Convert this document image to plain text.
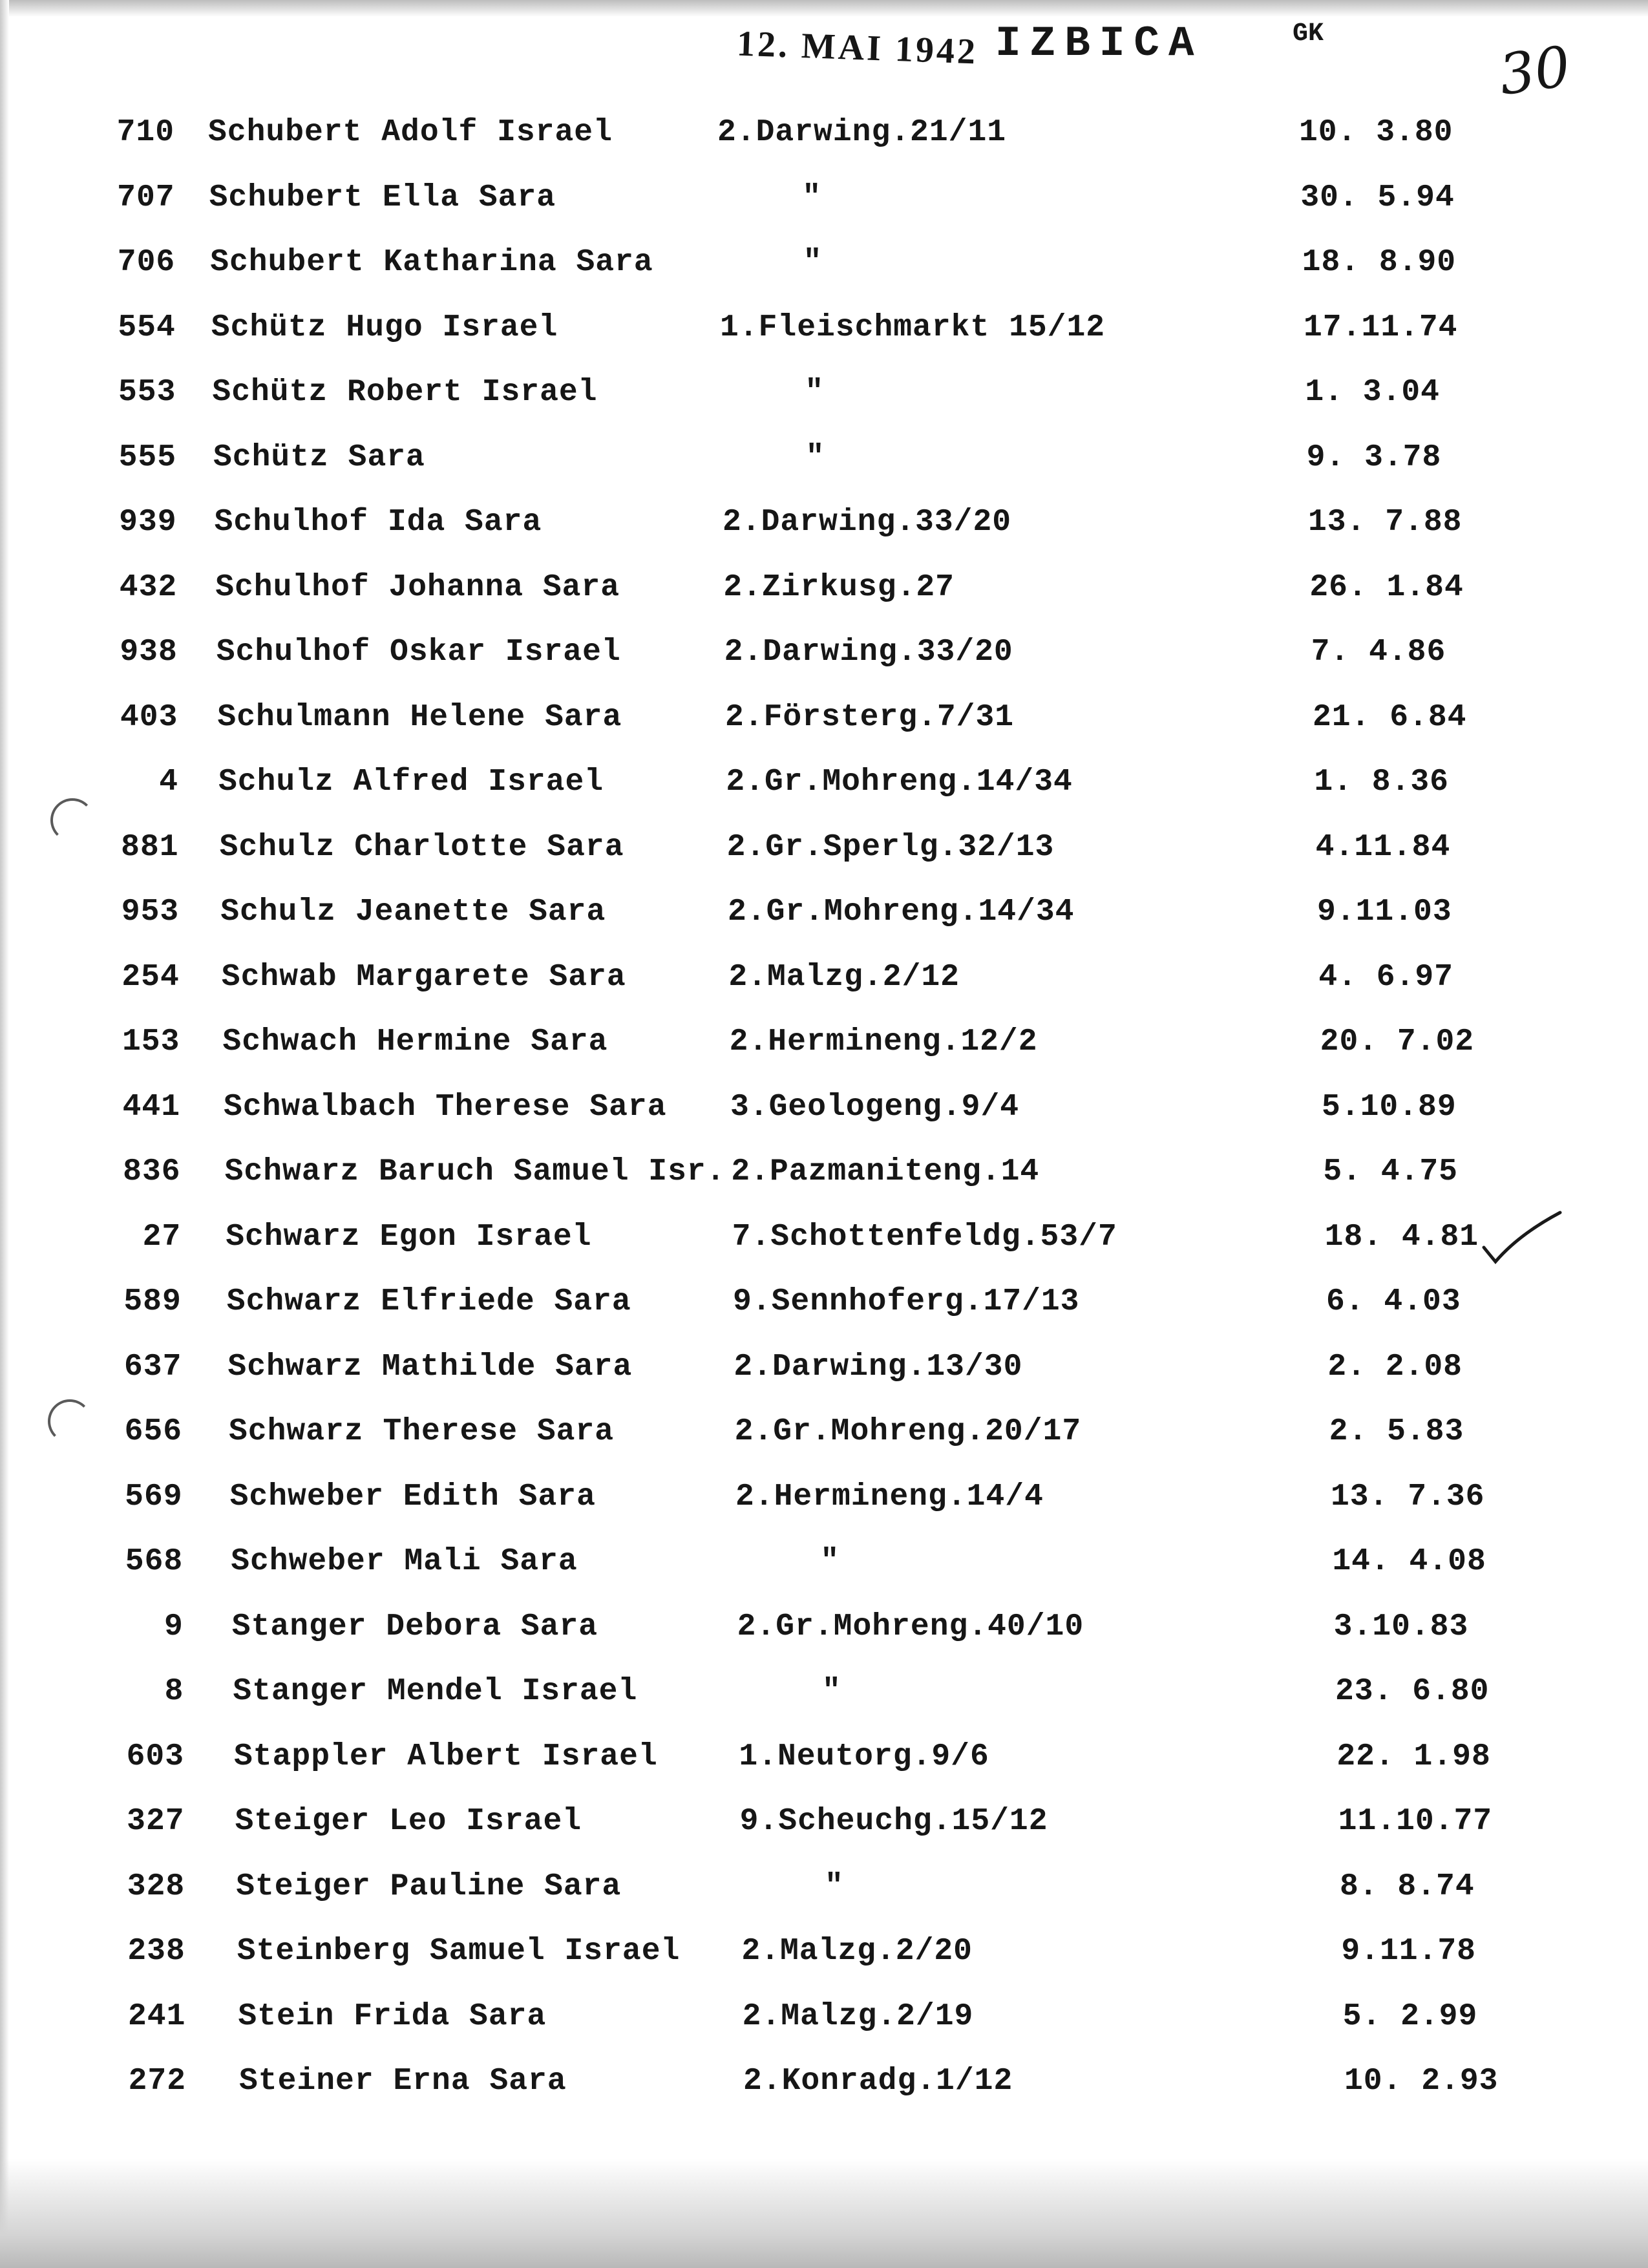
12. MAI 1942 IZBICA	GK
30
710 Schubert Adolf Israel	2.Darwing.21/11	10. 3.80
707 Schubert Ella Sara	"	30. 5.94
706 Schubert Katharina Sara	"	18. 8.90
554 Schütz Hugo Israel	1.Fleischmarkt 15/12	17.11.74
553 Schütz Robert Israel	"	1. 3.04
555 Schütz Sara	"	9. 3.78
939 Schulhof Ida Sara	2.Darwing.33/20	13. 7.88
432 Schulhof Johanna Sara	2.Zirkusg.27	26. 1.84
938 Schulhof Oskar Israel	2.Darwing.33/20	7. 4.86
403 Schulmann Helene Sara	2.Försterg.7/31	21. 6.84
4 Schulz Alfred Israel	2.Gr.Mohreng.14/34	1. 8.36
881 Schulz Charlotte Sara	2.Gr.Sperlg.32/13	4.11.84
953 Schulz Jeanette Sara	2.Gr.Mohreng.14/34	9.11.03
254 Schwab Margarete Sara	2.Malzg.2/12	4. 6.97
153 Schwach Hermine Sara	2.Hermineng.12/2	20. 7.02
441 Schwalbach Therese Sara 3.Geologeng.9/4	5.10.89
836 Schwarz Baruch Samuel Isr. 2.Pazmaniteng.14	5. 4.75
27 Schwarz Egon Israel	7.Schottenfeldg.53/7	18. 4.81
589 Schwarz Elfriede Sara	9.Sennhoferg.17/13	6. 4.03
637 Schwarz Mathilde Sara	2.Darwing.13/30	2. 2.08
656 Schwarz Therese Sara	2.Gr.Mohreng.20/17	2. 5.83
569 Schweber Edith Sara	2.Hermineng.14/4	13. 7.36
568 Schweber Mali Sara	"	14. 4.08
9 Stanger Debora Sara	2.Gr.Mohreng.40/10	3.10.83
8 Stanger Mendel Israel	"	23. 6.80
603 Stappler Albert Israel	1.Neutorg.9/6	22. 1.98
327 Steiger Leo Israel	9.Scheuchg.15/12	11.10.77
328 Steiger Pauline Sara	"	8. 8.74
238 Steinberg Samuel Israel 2.Malzg.2/20	9.11.78
241 Stein Frida Sara	2.Malzg.2/19	5. 2.99
272 Steiner Erna Sara	2.Konradg.1/12	10. 2.93
